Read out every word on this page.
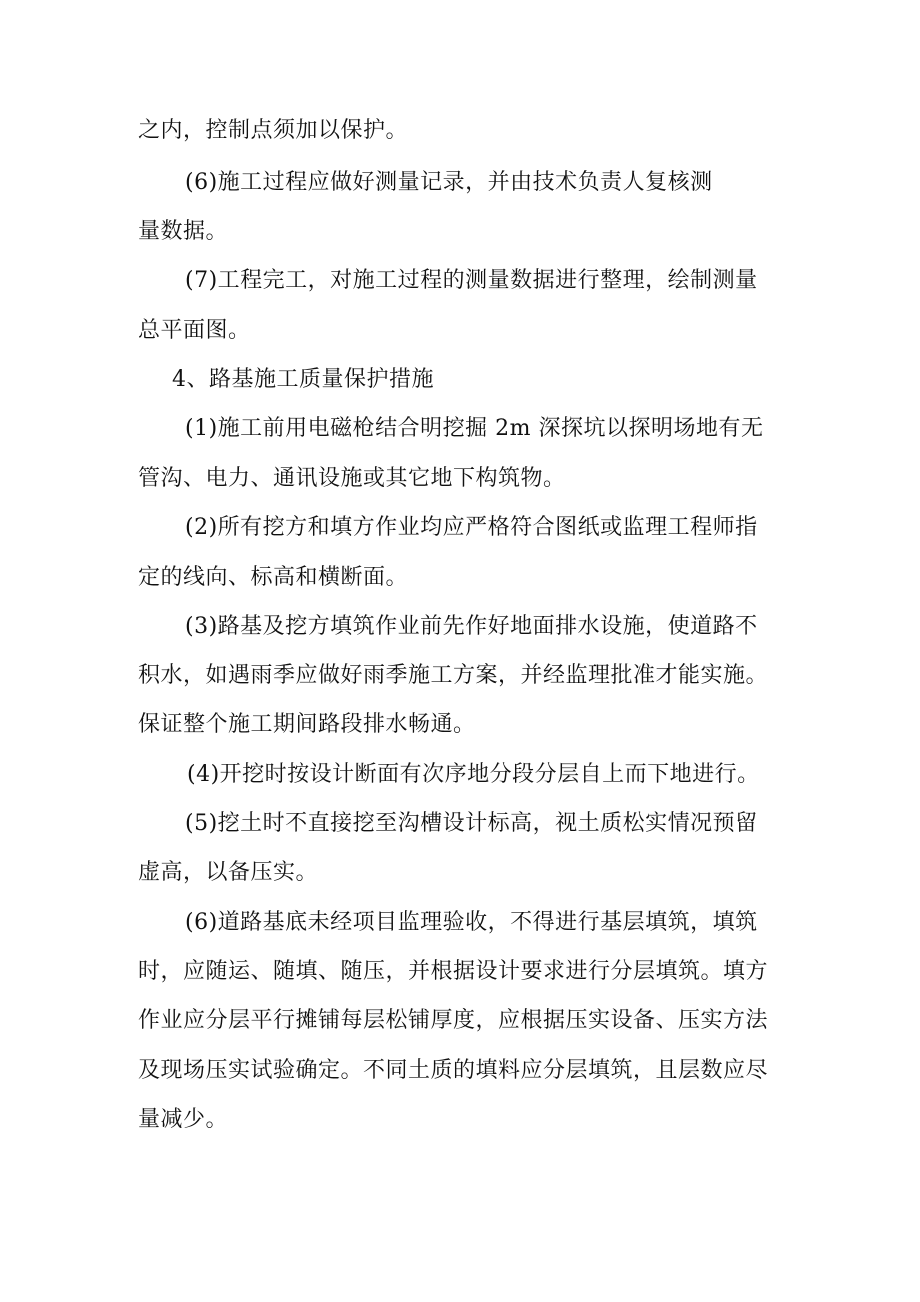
之内，控制点须加以保护。
(6)施工过程应做好测量记录，并由技术负责人复核测
量数据。
(7)工程完工，对施工过程的测量数据进行整理，绘制测量
总平面图。
4、路基施工质量保护措施
(1)施工前用电磁枪结合明挖掘 2m 深探坑以探明场地有无
管沟、电力、通讯设施或其它地下构筑物。
(2)所有挖方和填方作业均应严格符合图纸或监理工程师指
定的线向、标高和横断面。
(3)路基及挖方填筑作业前先作好地面排水设施，使道路不
积水，如遇雨季应做好雨季施工方案，并经监理批准才能实施。
保证整个施工期间路段排水畅通。
(4)开挖时按设计断面有次序地分段分层自上而下地进行。
(5)挖土时不直接挖至沟槽设计标高，视土质松实情况预留
虚高，以备压实。
(6)道路基底未经项目监理验收，不得进行基层填筑，填筑
时，应随运、随填、随压，并根据设计要求进行分层填筑。填方
作业应分层平行摊铺每层松铺厚度，应根据压实设备、压实方法
及现场压实试验确定。不同土质的填料应分层填筑，且层数应尽
量减少。
